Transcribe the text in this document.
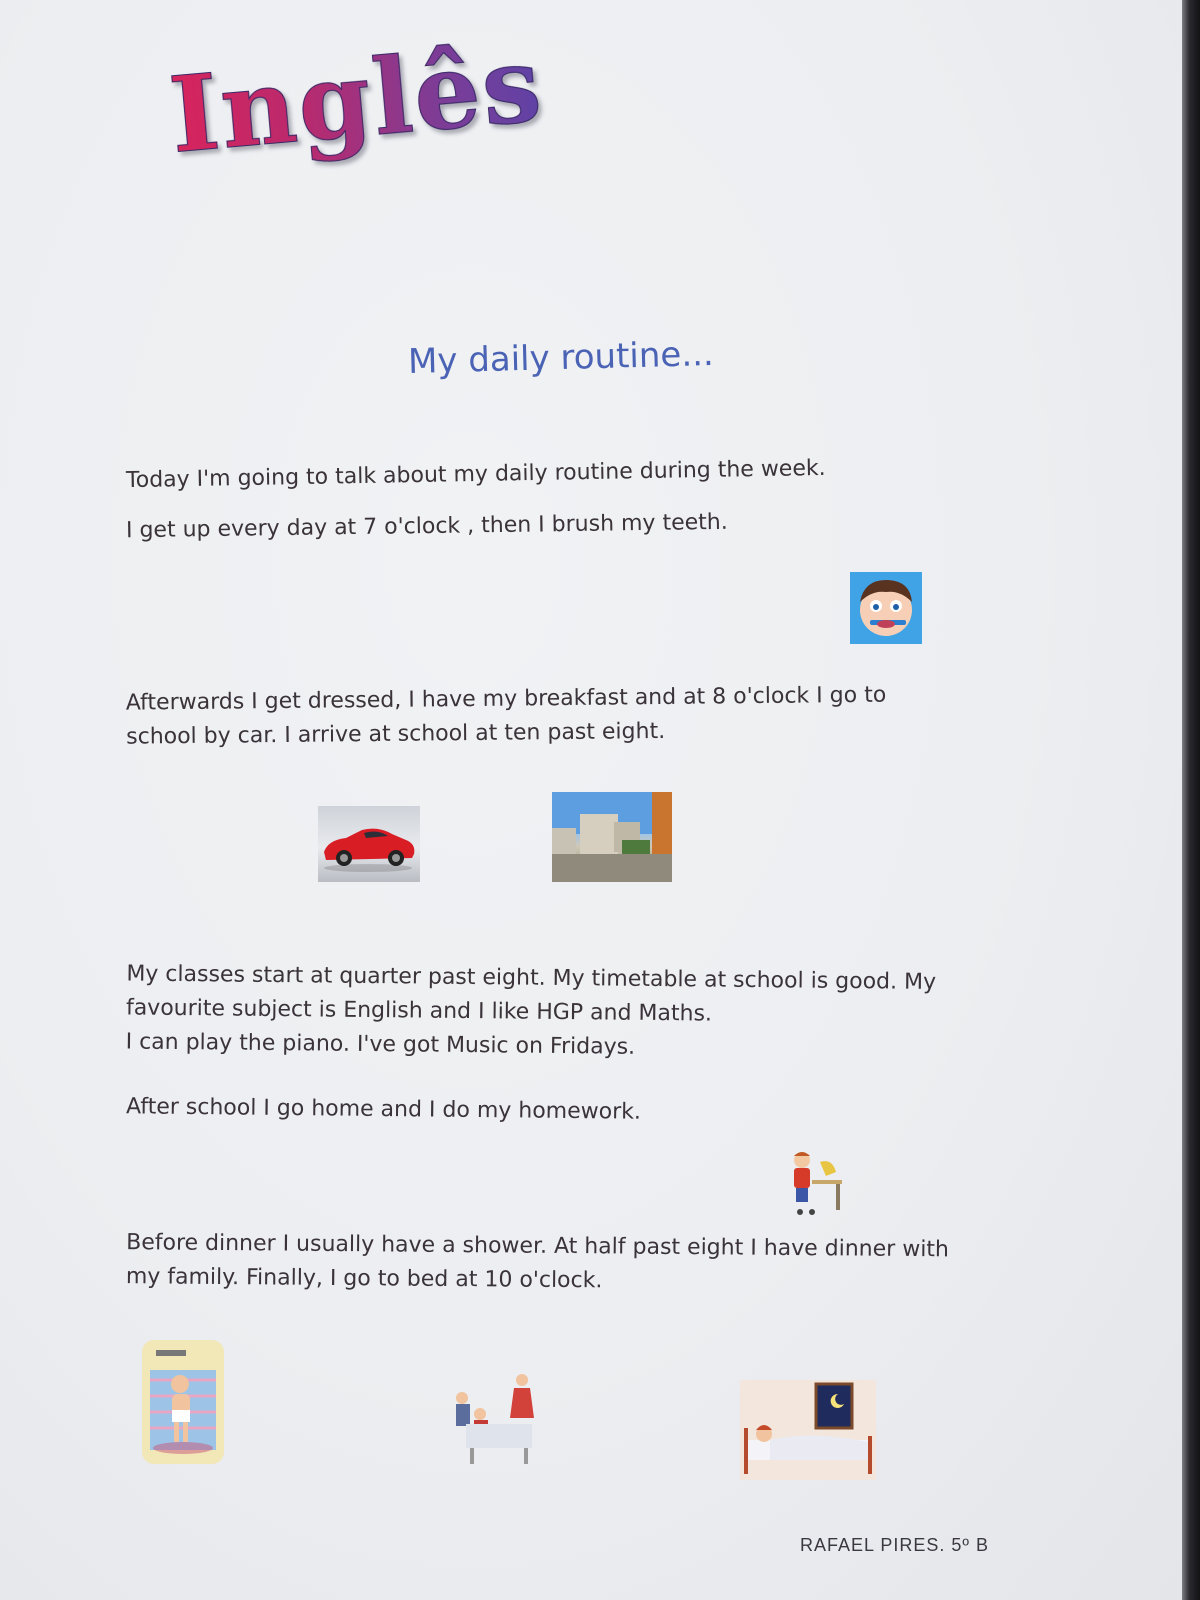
Inglês
My daily routine...
Today I'm going to talk about my daily routine during the week.
I get up every day at 7 o'clock , then I brush my teeth.
Afterwards I get dressed, I have my breakfast and at 8 o'clock I go to
school by car. I arrive at school at ten past eight.
My classes start at quarter past eight. My timetable at school is good. My
favourite subject is English and I like HGP and Maths.
I can play the piano. I've got Music on Fridays.
After school I go home and I do my homework.
Before dinner I usually have a shower. At half past eight I have dinner with
my family. Finally, I go to bed at 10 o'clock.
RAFAEL PIRES. 5º B
